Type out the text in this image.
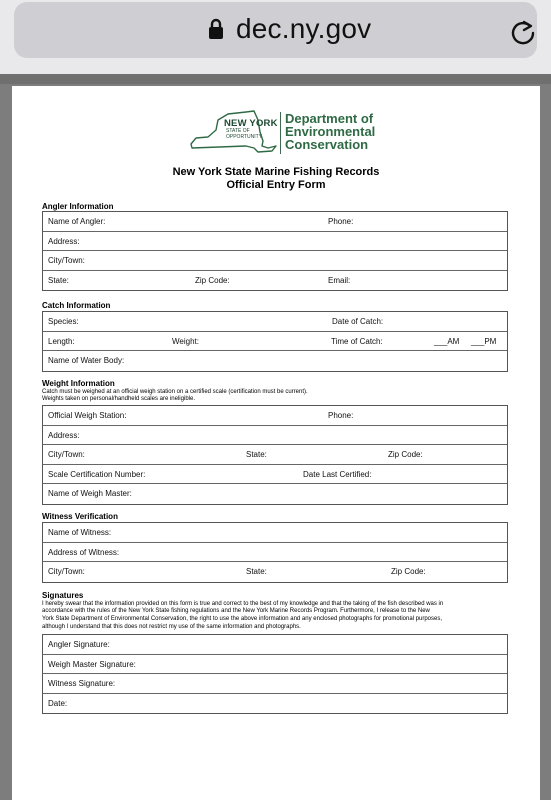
dec.ny.gov
NEW YORK
STATE OF OPPORTUNITY
Department of
Environmental
Conservation
New York State Marine Fishing Records
Official Entry Form
Angler Information
Name of Angler:	Phone:
Address:
City/Town:
State:	Zip Code:	Email:
Catch Information
Species:	Date of Catch:
Length:	Weight:	Time of Catch:	___AM ___PM
Name of Water Body:
Weight Information
Catch must be weighed at an official weigh station on a certified scale (certification must be current).
Weights taken on personal/handheld scales are ineligible.
Official Weigh Station:	Phone:
Address:
City/Town:	State:	Zip Code:
Scale Certification Number:	Date Last Certified:
Name of Weigh Master:
Witness Verification
Name of Witness:
Address of Witness:
City/Town:	State:	Zip Code:
Signatures
I hereby swear that the information provided on this form is true and correct to the best of my knowledge and that the taking of the fish described was in
accordance with the rules of the New York State fishing regulations and the New York Marine Records Program. Furthermore, I release to the New
York State Department of Environmental Conservation, the right to use the above information and any enclosed photographs for promotional purposes,
although I understand that this does not restrict my use of the same information and photographs.
Angler Signature:
Weigh Master Signature:
Witness Signature:
Date:
